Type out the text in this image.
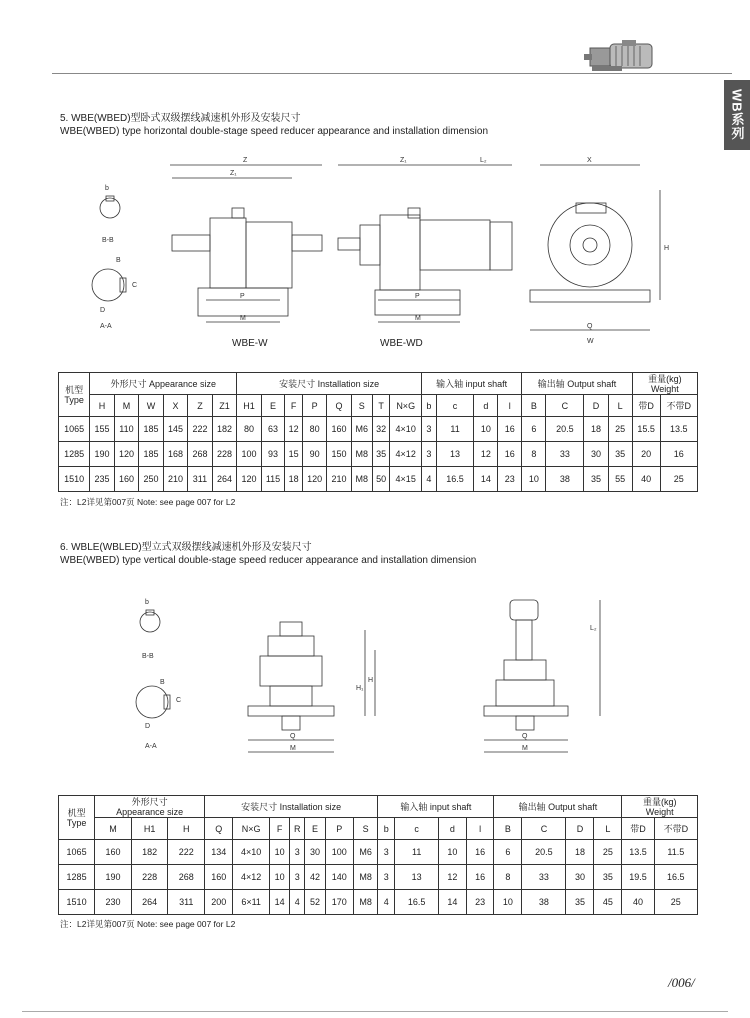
WB系列
5. WBE(WBED)型卧式双级摆线减速机外形及安装尺寸
WBE(WBED) type horizontal double-stage speed reducer appearance and installation dimension
b
B-B
B
C
D
A-A
Z
Z₁
P
M
Z₁	L₂
P
M
X
H
Q
W
WBE-W	WBE-WD
机型
Type	外形尺寸 Appearance size						安装尺寸 Installation size								输入轴 input shaft				输出轴 Output shaft				重量(kg)
Weight	
	H	M	W	X	Z	Z1	H1	E	F	P	Q	S	T	N×G	b	c	d	l	B	C	D	L	带D	不带D
1065	155	110	185	145	222	182	80	63	12	80	160	M6	32	4×10	3	11	10	16	6	20.5	18	25	15.5	13.5
1285	190	120	185	168	268	228	100	93	15	90	150	M8	35	4×12	3	13	12	16	8	33	30	35	20	16
1510	235	160	250	210	311	264	120	115	18	120	210	M8	50	4×15	4	16.5	14	23	10	38	35	55	40	25
注：L2详见第007页 Note: see page 007 for L2
6. WBLE(WBLED)型立式双级摆线减速机外形及安装尺寸
WBE(WBED) type vertical double-stage speed reducer appearance and installation dimension
b
B-B
B
C
D
A-A
Q
M
H
H₁
Q
M
L₂
机型
Type	外形尺寸
Appearance size			安装尺寸 Installation size							输入轴 input shaft				输出轴 Output shaft				重量(kg)
Weight	
	M	H1	H	Q	N×G	F	R	E	P	S	b	c	d	l	B	C	D	L	带D	不带D
1065	160	182	222	134	4×10	10	3	30	100	M6	3	11	10	16	6	20.5	18	25	13.5	11.5
1285	190	228	268	160	4×12	10	3	42	140	M8	3	13	12	16	8	33	30	35	19.5	16.5
1510	230	264	311	200	6×11	14	4	52	170	M8	4	16.5	14	23	10	38	35	45	40	25
注：L2详见第007页 Note: see page 007 for L2
/006/
